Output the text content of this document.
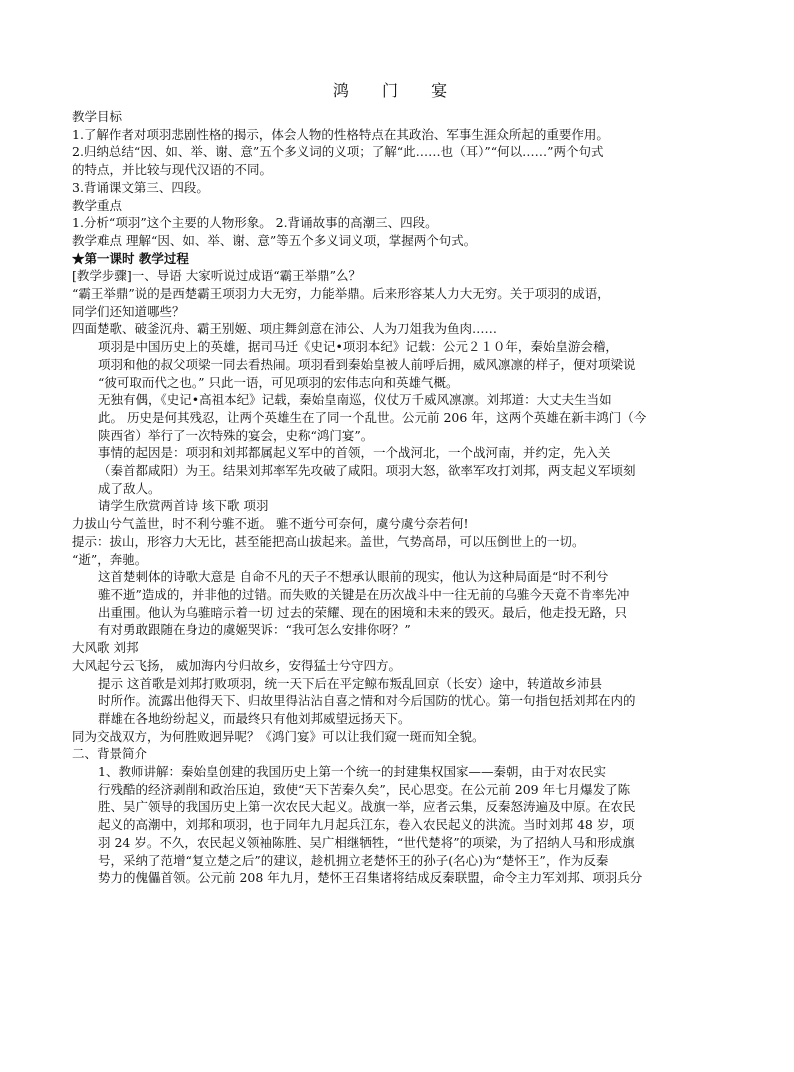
鸿 门 宴

教学目标

1.了解作者对项羽悲剧性格的揭示，体会人物的性格特点在其政治、军事生涯众所起的重要作用。

2.归纳总结“因、如、举、谢、意”五个多义词的义项；了解“此……也（耳）”“何以……”两个句式

的特点，并比较与现代汉语的不同。

3.背诵课文第三、四段。

教学重点

1.分析“项羽”这个主要的人物形象。 2.背诵故事的高潮三、四段。

教学难点 理解“因、如、举、谢、意”等五个多义词义项，掌握两个句式。

★第一课时 教学过程

[教学步骤]一、导语 大家听说过成语“霸王举鼎”么？

“霸王举鼎”说的是西楚霸王项羽力大无穷，力能举鼎。后来形容某人力大无穷。关于项羽的成语，

同学们还知道哪些？

四面楚歌、破釜沉舟、霸王别姬、项庄舞剑意在沛公、人为刀俎我为鱼肉……

项羽是中国历史上的英雄，据司马迁《史记•项羽本纪》记载：公元２１０年，秦始皇游会稽，

项羽和他的叔父项梁一同去看热闹。项羽看到秦始皇被人前呼后拥，威风凛凛的样子，便对项梁说

“彼可取而代之也。” 只此一语，可见项羽的宏伟志向和英雄气概。

无独有偶，《史记•高祖本纪》记载，秦始皇南巡，仪仗万千威风凛凛。刘邦道：大丈夫生当如

此。 历史是何其残忍，让两个英雄生在了同一个乱世。公元前 206 年，这两个英雄在新丰鸿门（今

陕西省）举行了一次特殊的宴会，史称“鸿门宴”。

事情的起因是：项羽和刘邦都属起义军中的首领，一个战河北，一个战河南，并约定，先入关

（秦首都咸阳）为王。结果刘邦率军先攻破了咸阳。项羽大怒，欲率军攻打刘邦，两支起义军顷刻

成了敌人。

请学生欣赏两首诗 垓下歌 项羽

力拔山兮气盖世，时不利兮骓不逝。 骓不逝兮可奈何，虞兮虞兮奈若何!

提示：拔山，形容力大无比，甚至能把高山拔起来。盖世，气势高昂，可以压倒世上的一切。

“逝”，奔驰。

这首楚刺体的诗歌大意是 自命不凡的天子不想承认眼前的现实，他认为这种局面是“时不利兮

骓不逝”造成的，并非他的过错。而失败的关键是在历次战斗中一往无前的乌骓今天竟不肯率先冲

出重围。他认为乌骓暗示着一切 过去的荣耀、现在的困境和未来的毁灭。最后，他走投无路，只

有对勇敢跟随在身边的虞姬哭诉：“我可怎么安排你呀？”

大风歌 刘邦

大风起兮云飞扬， 威加海内兮归故乡，安得猛士兮守四方。

提示 这首歌是刘邦打败项羽，统一天下后在平定鲸布叛乱回京（长安）途中，转道故乡沛县

时所作。流露出他得天下、归故里得沾沾自喜之情和对今后国防的忧心。第一句指包括刘邦在内的

群雄在各地纷纷起义，而最终只有他刘邦威望远扬天下。

同为交战双方，为何胜败迥异呢？《鸿门宴》可以让我们窥一斑而知全貌。

二、背景简介

1、教师讲解：秦始皇创建的我国历史上第一个统一的封建集权国家——秦朝，由于对农民实

行残酷的经济剥削和政治压迫，致使“天下苦秦久矣”，民心思变。在公元前 209 年七月爆发了陈

胜、吴广领导的我国历史上第一次农民大起义。战旗一举，应者云集，反秦怒涛遍及中原。在农民

起义的高潮中，刘邦和项羽，也于同年九月起兵江东，卷入农民起义的洪流。当时刘邦 48 岁，项

羽 24 岁。不久，农民起义领袖陈胜、吴广相继牺牲，“世代楚将”的项梁，为了招纳人马和形成旗

号，采纳了范增“复立楚之后”的建议，趁机拥立老楚怀王的孙子(名心)为“楚怀王”，作为反秦

势力的傀儡首领。公元前 208 年九月，楚怀王召集诸将结成反秦联盟，命令主力军刘邦、项羽兵分
